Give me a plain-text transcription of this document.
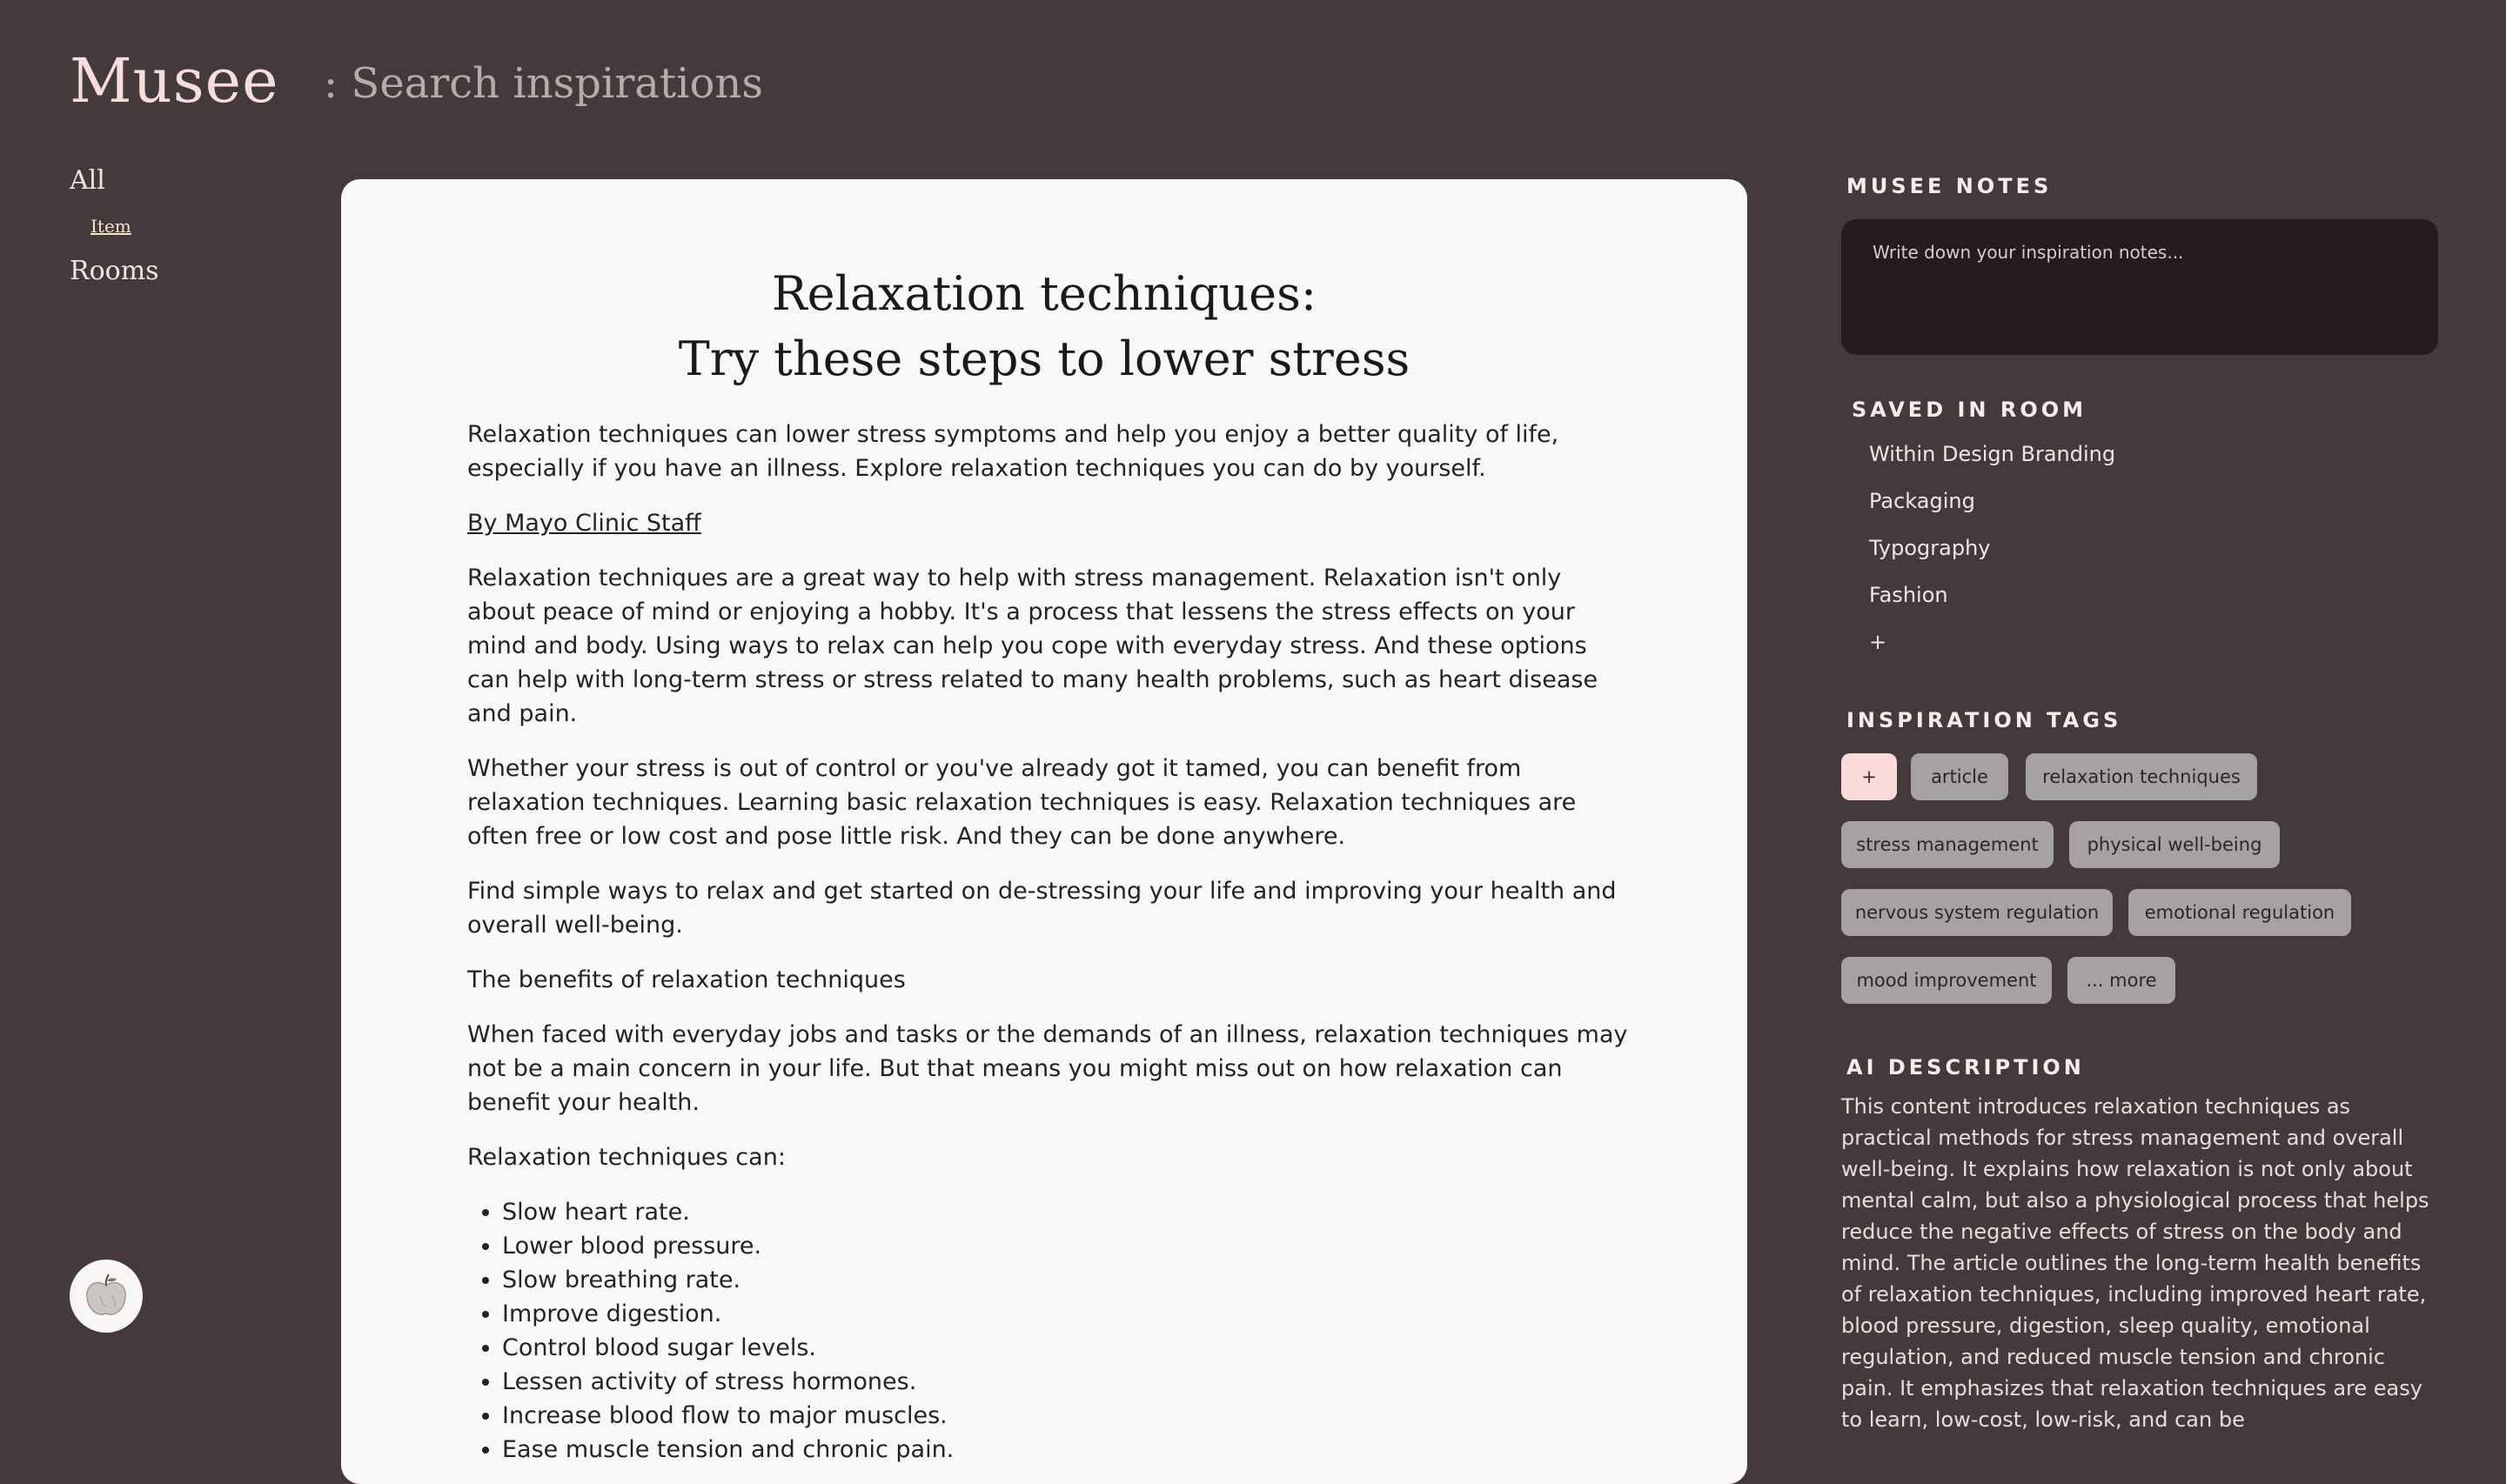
Musee
: Search inspirations
All
Item
Rooms	Relaxation techniques:
Try these steps to lower stress

Relaxation techniques can lower stress symptoms and help you enjoy a better quality of life, especially if you have an illness. Explore relaxation techniques you can do by yourself.

By Mayo Clinic Staff

Relaxation techniques are a great way to help with stress management. Relaxation isn't only about peace of mind or enjoying a hobby. It's a process that lessens the stress effects on your mind and body. Using ways to relax can help you cope with everyday stress. And these options can help with long-term stress or stress related to many health problems, such as heart disease and pain.

Whether your stress is out of control or you've already got it tamed, you can benefit from relaxation techniques. Learning basic relaxation techniques is easy. Relaxation techniques are often free or low cost and pose little risk. And they can be done anywhere.

Find simple ways to relax and get started on de-stressing your life and improving your health and overall well-being.

The benefits of relaxation techniques

When faced with everyday jobs and tasks or the demands of an illness, relaxation techniques may not be a main concern in your life. But that means you might miss out on how relaxation can benefit your health.

Relaxation techniques can:

• Slow heart rate.
• Lower blood pressure.
• Slow breathing rate.
• Improve digestion.
• Control blood sugar levels.
• Lessen activity of stress hormones.
• Increase blood flow to major muscles.
• Ease muscle tension and chronic pain.
MUSEE NOTES
Write down your inspiration notes...
SAVED IN ROOM
Within Design Branding
Packaging
Typography
Fashion
+
INSPIRATION TAGS
+	article	relaxation techniques
stress management	physical well-being
nervous system regulation	emotional regulation
mood improvement	... more
AI DESCRIPTION
This content introduces relaxation techniques as practical methods for stress management and overall well-being. It explains how relaxation is not only about mental calm, but also a physiological process that helps reduce the negative effects of stress on the body and mind. The article outlines the long-term health benefits of relaxation techniques, including improved heart rate, blood pressure, digestion, sleep quality, emotional regulation, and reduced muscle tension and chronic pain. It emphasizes that relaxation techniques are easy to learn, low-cost, low-risk, and can be
